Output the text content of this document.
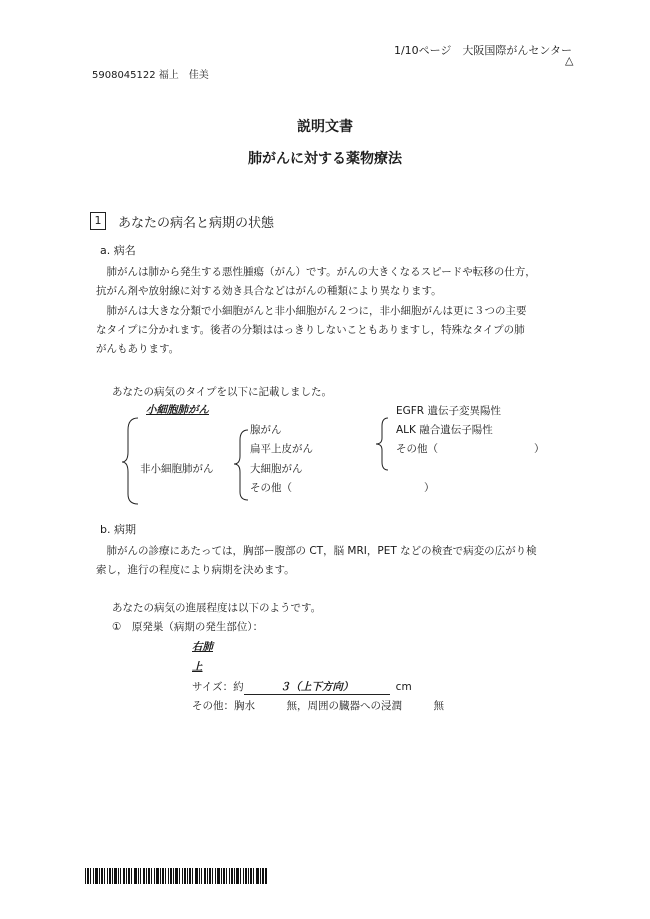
1/10ページ　大阪国際がんセンター
△
5908045122 福上　佳美
説明文書
肺がんに対する薬物療法
1	あなたの病名と病期の状態
a. 病名
　肺がんは肺から発生する悪性腫瘍（がん）です。がんの大きくなるスピードや転移の仕方，
抗がん剤や放射線に対する効き具合などはがんの種類により異なります。
　肺がんは大きな分類で小細胞がんと非小細胞がん２つに，非小細胞がんは更に３つの主要
なタイプに分かれます。後者の分類ははっきりしないこともありますし，特殊なタイプの肺
がんもあります。
あなたの病気のタイプを以下に記載しました。
小細胞肺がん
非小細胞肺がん
腺がん
扁平上皮がん
大細胞がん
その他（	）
EGFR 遺伝子変異陽性
ALK 融合遺伝子陽性
その他（	）
b. 病期
　肺がんの診療にあたっては，胸部ー腹部の CT，脳 MRI，PET などの検査で病変の広がり検
索し，進行の程度により病期を決めます。
あなたの病気の進展程度は以下のようです。
①　原発巣（病期の発生部位）：
右肺
上
サイズ：約	３（上下方向）	cm
その他：胸水　　　無，周囲の臓器への浸潤　　　無
